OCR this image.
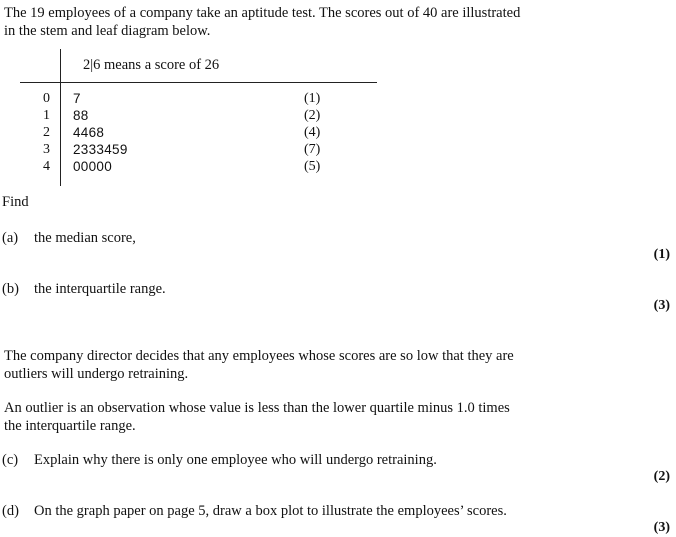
The 19 employees of a company take an aptitude test. The scores out of 40 are illustrated
in the stem and leaf diagram below.
2|6 means a score of 26
0 7	(1)
1 88	(2)
2 4468	(4)
3 2333459	(7)
4 00000	(5)
Find
(a) the median score,
(1)
(b) the interquartile range.
(3)
The company director decides that any employees whose scores are so low that they are
outliers will undergo retraining.
An outlier is an observation whose value is less than the lower quartile minus 1.0 times
the interquartile range.
(c) Explain why there is only one employee who will undergo retraining.
(2)
(d) On the graph paper on page 5, draw a box plot to illustrate the employees’ scores.
(3)
